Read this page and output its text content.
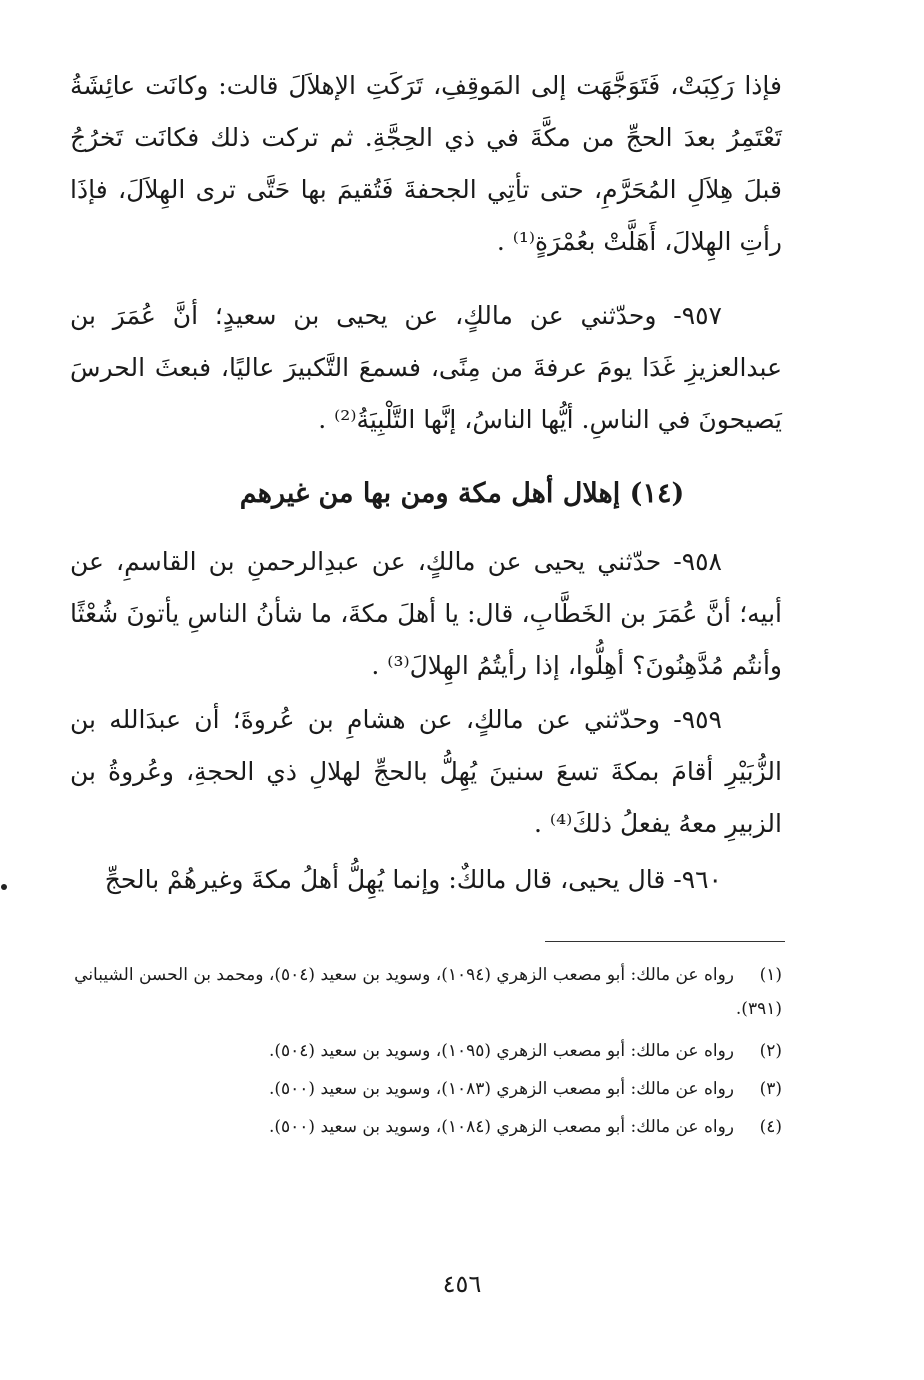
فإذا رَكِبَتْ، فَتَوَجَّهَت إلى المَوقِفِ، تَرَكَتِ الإهلاَلَ قالت: وكانَت عائِشَةُ تَعْتَمِرُ بعدَ الحجِّ من مكَّةَ في ذي الحِجَّةِ. ثم تركت ذلك فكانَت تَخرُجُ قبلَ هِلاَلِ المُحَرَّمِ، حتى تأتِي الجحفةَ فَتُقيمَ بها حَتَّى ترى الهِلاَلَ، فإذَا رأتِ الهِلالَ، أَهَلَّتْ بعُمْرَةٍ⁽¹⁾ .

٩٥٧- وحدّثني عن مالكٍ، عن يحيى بن سعيدٍ؛ أنَّ عُمَرَ بن عبدالعزيزِ غَدَا يومَ عرفةَ من مِنًى، فسمعَ التَّكبيرَ عاليًا، فبعثَ الحرسَ يَصيحونَ في الناسِ. أيُّها الناسُ، إنَّها التَّلْبِيَةُ⁽²⁾ .

(١٤) إهلال أهل مكة ومن بها من غيرهم

٩٥٨- حدّثني يحيى عن مالكٍ، عن عبدِالرحمنِ بن القاسمِ، عن أبيه؛ أنَّ عُمَرَ بن الخَطَّابِ، قال: يا أهلَ مكةَ، ما شأنُ الناسِ يأتونَ شُعْثًا وأنتُم مُدَّهِنُونَ؟ أهِلُّوا، إذا رأيتُمُ الهِلالَ⁽³⁾ .

٩٥٩- وحدّثني عن مالكٍ، عن هشامِ بن عُروةَ؛ أن عبدَالله بن الزُّبَيْرِ أقامَ بمكةَ تسعَ سنينَ يُهِلُّ بالحجِّ لهلالِ ذي الحجةِ، وعُروةُ بن الزبيرِ معهُ يفعلُ ذلكَ⁽⁴⁾ .

٩٦٠- قال يحيى، قال مالكٌ: وإنما يُهِلُّ أهلُ مكةَ وغيرهُمْ بالحجِّ

(١)رواه عن مالك: أبو مصعب الزهري (١٠٩٤)، وسويد بن سعيد (٥٠٤)، ومحمد بن الحسن الشيباني (٣٩١).
(٢)رواه عن مالك: أبو مصعب الزهري (١٠٩٥)، وسويد بن سعيد (٥٠٤).
(٣)رواه عن مالك: أبو مصعب الزهري (١٠٨٣)، وسويد بن سعيد (٥٠٠).
(٤)رواه عن مالك: أبو مصعب الزهري (١٠٨٤)، وسويد بن سعيد (٥٠٠).
٤٥٦
